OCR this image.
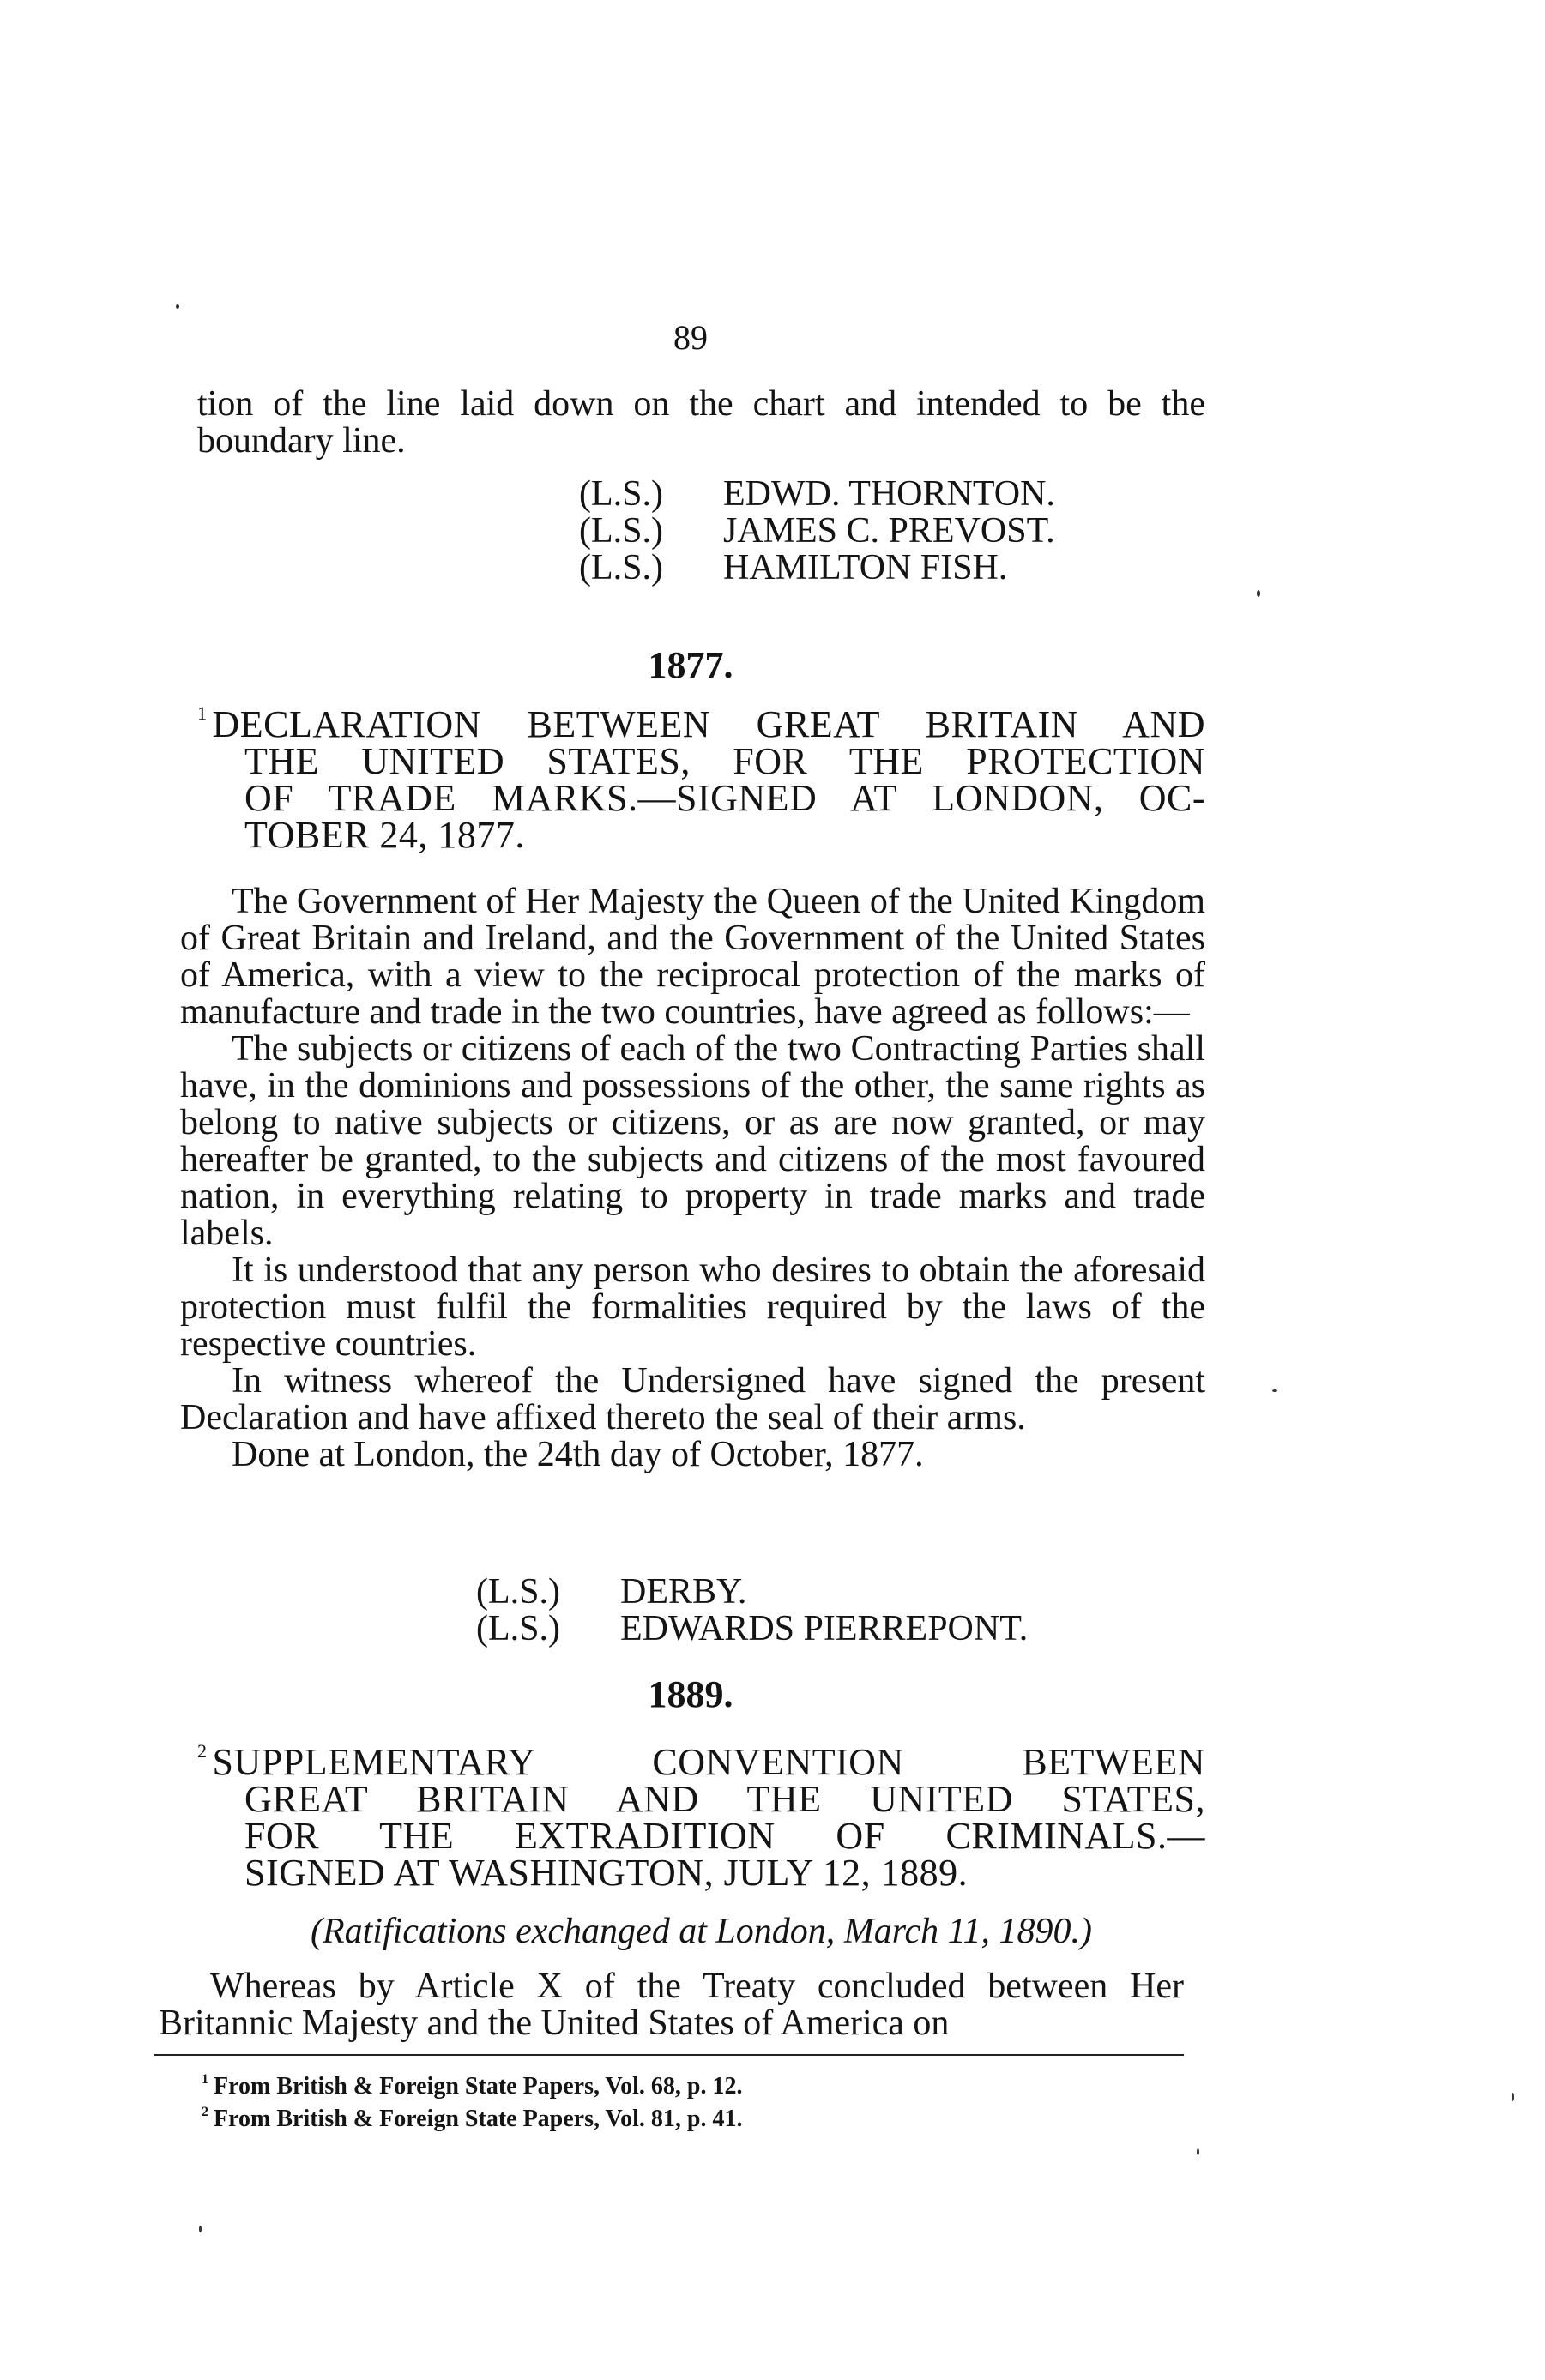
89

tion of the line laid down on the chart and intended to be the boundary line.

(L.S.)	EDWD. THORNTON.
(L.S.)	JAMES C. PREVOST.
(L.S.)	HAMILTON FISH.
1877.
$^1$ DECLARATION BETWEEN GREAT BRITAIN AND
THE UNITED STATES, FOR THE PROTECTION
OF TRADE MARKS.—SIGNED AT LONDON, OC-
TOBER 24, 1877.

The Government of Her Majesty the Queen of the United Kingdom of Great Britain and Ireland, and the Government of the United States of America, with a view to the reciprocal protection of the marks of manufacture and trade in the two countries, have agreed as follows:—

The subjects or citizens of each of the two Contracting Parties shall have, in the dominions and possessions of the other, the same rights as belong to native subjects or citizens, or as are now granted, or may hereafter be granted, to the subjects and citizens of the most favoured nation, in everything relating to property in trade marks and trade labels.

It is understood that any person who desires to obtain the aforesaid protection must fulfil the formalities required by the laws of the respective countries.

In witness whereof the Undersigned have signed the present Declaration and have affixed thereto the seal of their arms.

Done at London, the 24th day of October, 1877.

(L.S.)	DERBY.
(L.S.)	EDWARDS PIERREPONT.
1889.
$^2$ SUPPLEMENTARY CONVENTION BETWEEN
GREAT BRITAIN AND THE UNITED STATES,
FOR THE EXTRADITION OF CRIMINALS.—
SIGNED AT WASHINGTON, JULY 12, 1889.
(Ratifications exchanged at London, March 11, 1890.)

Whereas by Article X of the Treaty concluded between Her Britannic Majesty and the United States of America on

$^1$ From British & Foreign State Papers, Vol. 68, p. 12.
$^2$ From British & Foreign State Papers, Vol. 81, p. 41.
